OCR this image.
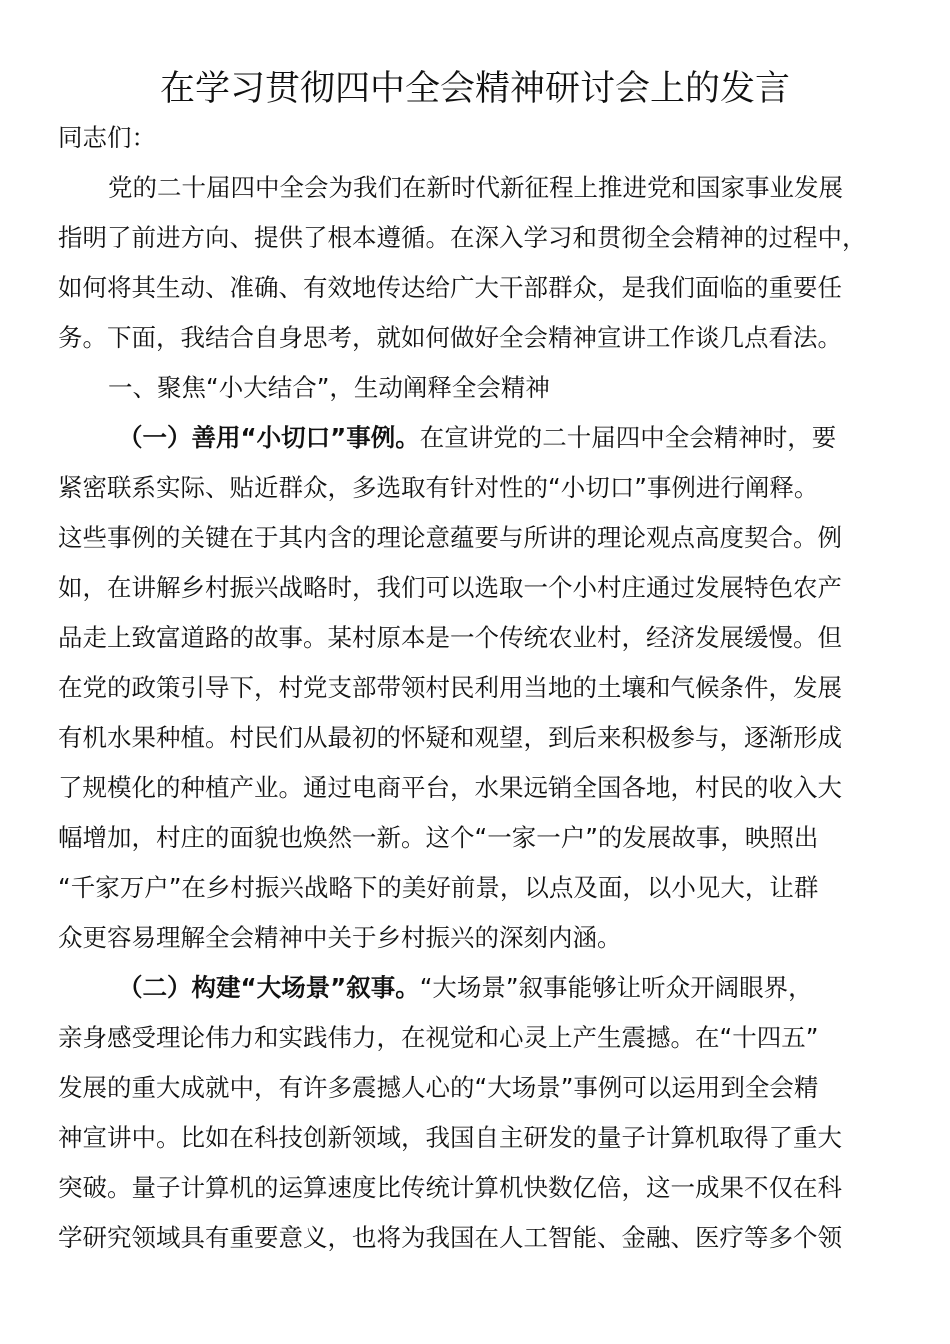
在学习贯彻四中全会精神研讨会上的发言
同志们：
党的二十届四中全会为我们在新时代新征程上推进党和国家事业发展
指明了前进方向、提供了根本遵循。在深入学习和贯彻全会精神的过程中，
如何将其生动、准确、有效地传达给广大干部群众，是我们面临的重要任
务。下面，我结合自身思考，就如何做好全会精神宣讲工作谈几点看法。
一、聚焦“小大结合”，生动阐释全会精神
（一）善用“小切口”事例。在宣讲党的二十届四中全会精神时，要
紧密联系实际、贴近群众，多选取有针对性的“小切口”事例进行阐释。
这些事例的关键在于其内含的理论意蕴要与所讲的理论观点高度契合。例
如，在讲解乡村振兴战略时，我们可以选取一个小村庄通过发展特色农产
品走上致富道路的故事。某村原本是一个传统农业村，经济发展缓慢。但
在党的政策引导下，村党支部带领村民利用当地的土壤和气候条件，发展
有机水果种植。村民们从最初的怀疑和观望，到后来积极参与，逐渐形成
了规模化的种植产业。通过电商平台，水果远销全国各地，村民的收入大
幅增加，村庄的面貌也焕然一新。这个“一家一户”的发展故事，映照出
“千家万户”在乡村振兴战略下的美好前景，以点及面，以小见大，让群
众更容易理解全会精神中关于乡村振兴的深刻内涵。
（二）构建“大场景”叙事。“大场景”叙事能够让听众开阔眼界，
亲身感受理论伟力和实践伟力，在视觉和心灵上产生震撼。在“十四五”
发展的重大成就中，有许多震撼人心的“大场景”事例可以运用到全会精
神宣讲中。比如在科技创新领域，我国自主研发的量子计算机取得了重大
突破。量子计算机的运算速度比传统计算机快数亿倍，这一成果不仅在科
学研究领域具有重要意义，也将为我国在人工智能、金融、医疗等多个领
